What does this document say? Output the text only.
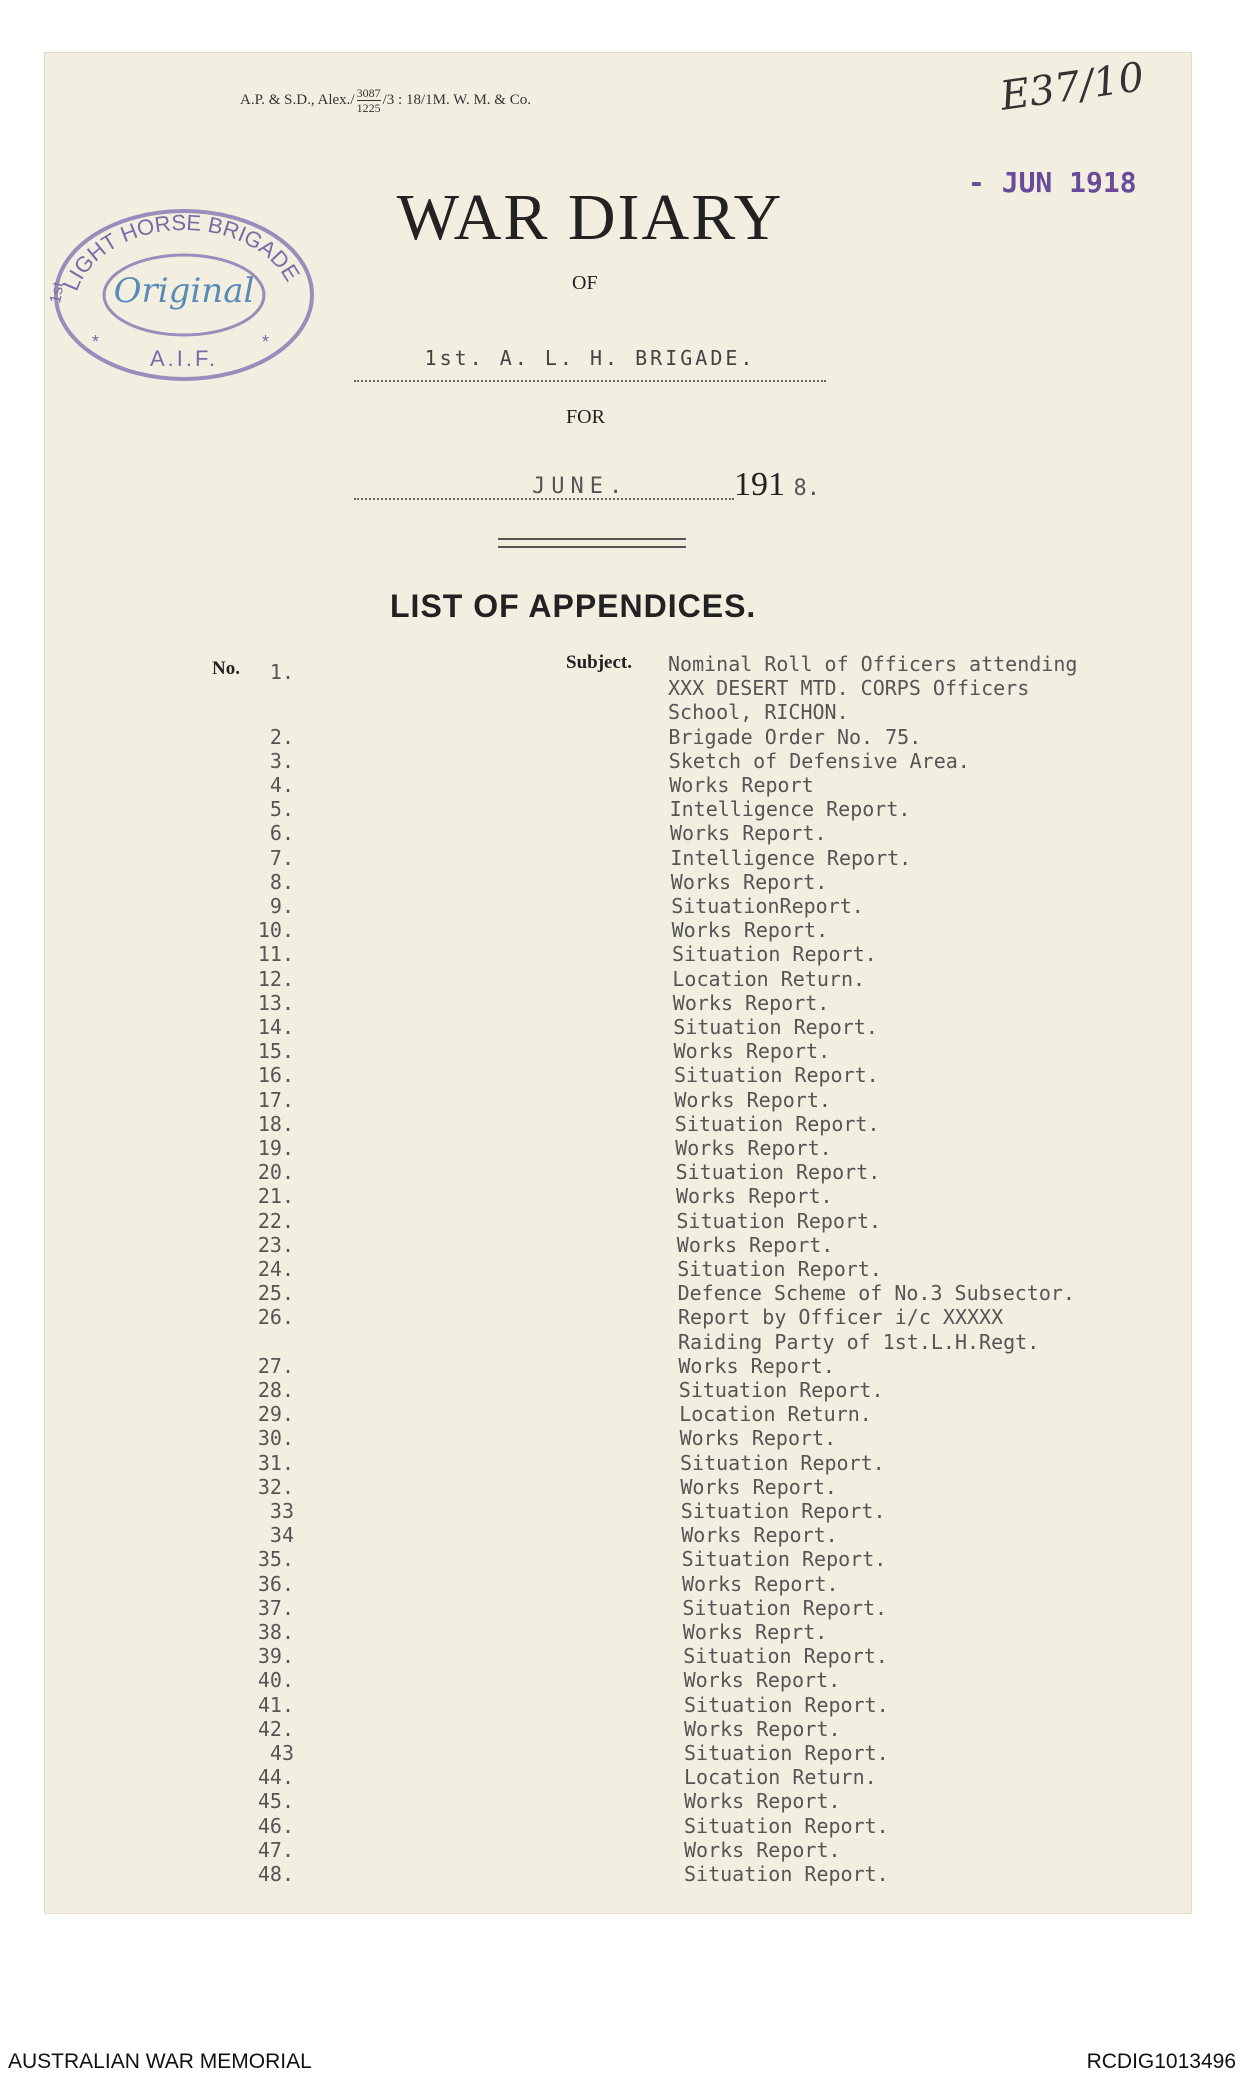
A.P. & S.D., Alex./ $\frac{3087}{1225} /3$ : 18/1M. W. M. & Co.	E37/10
- JUN 1918
LIGHT HORSE BRIGADE
1st Original
A.I.F.
*	*
WAR DIARY
OF
1st. A. L. H. BRIGADE.
FOR
JUNE.	191 8.
LIST OF APPENDICES.
No.	Subject.
1.	Nominal Roll of Officers attending
XXX DESERT MTD. CORPS Officers
School, RICHON.
2.	Brigade Order No. 75.
3.	Sketch of Defensive Area.
4.	Works Report
5.	Intelligence Report.
6.	Works Report.
7.	Intelligence Report.
8.	Works Report.
9.	SituationReport.
10.	Works Report.
11.	Situation Report.
12.	Location Return.
13.	Works Report.
14.	Situation Report.
15.	Works Report.
16.	Situation Report.
17.	Works Report.
18.	Situation Report.
19.	Works Report.
20.	Situation Report.
21.	Works Report.
22.	Situation Report.
23.	Works Report.
24.	Situation Report.
25.	Defence Scheme of No.3 Subsector.
26.	Report by Officer i/c XXXXX
Raiding Party of 1st.L.H.Regt.
27.	Works Report.
28.	Situation Report.
29.	Location Return.
30.	Works Report.
31.	Situation Report.
32.	Works Report.
33	Situation Report.
34	Works Report.
35.	Situation Report.
36.	Works Report.
37.	Situation Report.
38.	Works Reprt.
39.	Situation Report.
40.	Works Report.
41.	Situation Report.
42.	Works Report.
43	Situation Report.
44.	Location Return.
45.	Works Report.
46.	Situation Report.
47.	Works Report.
48.	Situation Report.
AUSTRALIAN WAR MEMORIAL	RCDIG1013496
